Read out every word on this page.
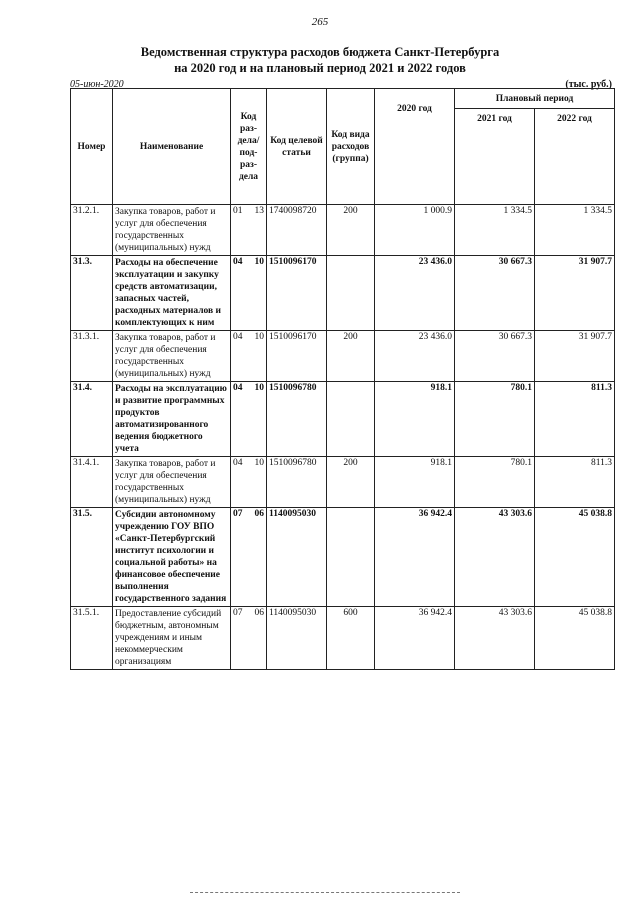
265
Ведомственная структура расходов бюджета Санкт-Петербурга
на 2020 год и на плановый период 2021 и 2022 годов
05-июн-2020	(тыс. руб.)
Номер	Наименование	Код раз-дела/ под-раз-дела	Код целевой статьи	Код вида расходов (группа)	2020 год	Плановый период	
						2021 год	2022 год
31.2.1.	Закупка товаров, работ и услуг для обеспечения государственных (муниципальных) нужд	01 13	1740098720	200	1 000.9	1 334.5	1 334.5
31.3.	Расходы на обеспечение эксплуатации и закупку средств автоматизации, запасных частей, расходных материалов и комплектующих к ним	04 10	1510096170		23 436.0	30 667.3	31 907.7
31.3.1.	Закупка товаров, работ и услуг для обеспечения государственных (муниципальных) нужд	04 10	1510096170	200	23 436.0	30 667.3	31 907.7
31.4.	Расходы на эксплуатацию и развитие программных продуктов автоматизированного ведения бюджетного учета	04 10	1510096780		918.1	780.1	811.3
31.4.1.	Закупка товаров, работ и услуг для обеспечения государственных (муниципальных) нужд	04 10	1510096780	200	918.1	780.1	811.3
31.5.	Субсидии автономному учреждению ГОУ ВПО «Санкт-Петербургский институт психологии и социальной работы» на финансовое обеспечение выполнения государственного задания	07 06	1140095030		36 942.4	43 303.6	45 038.8
31.5.1.	Предоставление субсидий бюджетным, автономным учреждениям и иным некоммерческим организациям	07 06	1140095030	600	36 942.4	43 303.6	45 038.8
